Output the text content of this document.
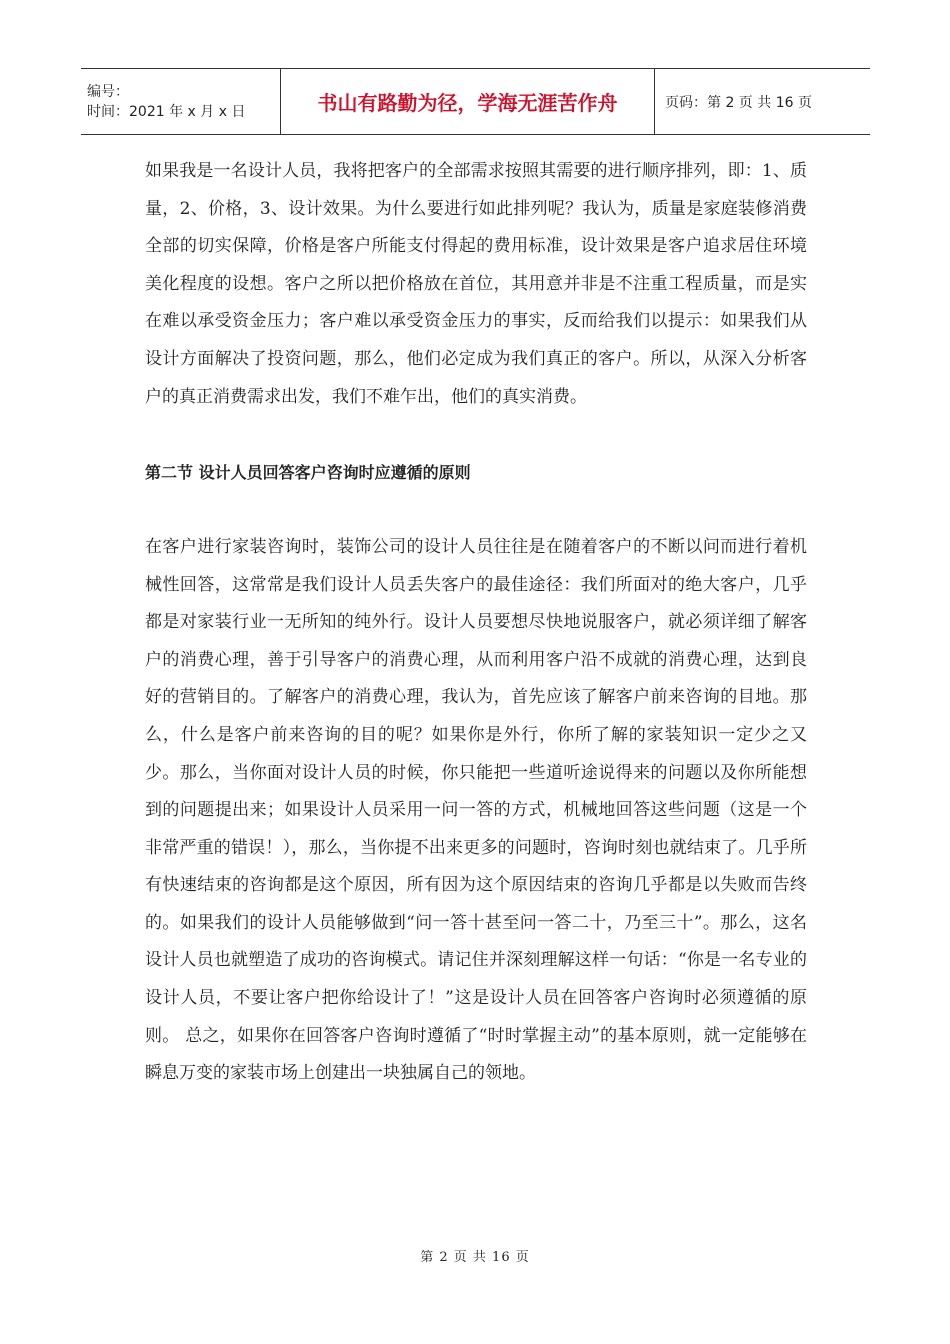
编号：
时间：2021 年 x 月 x 日	书山有路勤为径，学海无涯苦作舟	页码：第 2 页 共 16 页

如果我是一名设计人员，我将把客户的全部需求按照其需要的进行顺序排列，即：1、质量，2、价格，3、设计效果。为什么要进行如此排列呢？我认为，质量是家庭装修消费全部的切实保障，价格是客户所能支付得起的费用标准，设计效果是客户追求居住环境美化程度的设想。客户之所以把价格放在首位，其用意并非是不注重工程质量，而是实在难以承受资金压力；客户难以承受资金压力的事实，反而给我们以提示：如果我们从设计方面解决了投资问题，那么，他们必定成为我们真正的客户。所以，从深入分析客户的真正消费需求出发，我们不难乍出，他们的真实消费。

第二节 设计人员回答客户咨询时应遵循的原则

在客户进行家装咨询时，装饰公司的设计人员往往是在随着客户的不断以问而进行着机械性回答，这常常是我们设计人员丢失客户的最佳途径：我们所面对的绝大客户，几乎都是对家装行业一无所知的纯外行。设计人员要想尽快地说服客户，就必须详细了解客户的消费心理，善于引导客户的消费心理，从而利用客户沿不成就的消费心理，达到良好的营销目的。了解客户的消费心理，我认为，首先应该了解客户前来咨询的目地。那么，什么是客户前来咨询的目的呢？如果你是外行，你所了解的家装知识一定少之又少。那么，当你面对设计人员的时候，你只能把一些道听途说得来的问题以及你所能想到的问题提出来；如果设计人员采用一问一答的方式，机械地回答这些问题（这是一个非常严重的错误！），那么，当你提不出来更多的问题时，咨询时刻也就结束了。几乎所有快速结束的咨询都是这个原因，所有因为这个原因结束的咨询几乎都是以失败而告终的。如果我们的设计人员能够做到“问一答十甚至问一答二十，乃至三十”。那么，这名设计人员也就塑造了成功的咨询模式。请记住并深刻理解这样一句话：“你是一名专业的设计人员，不要让客户把你给设计了！”这是设计人员在回答客户咨询时必须遵循的原则。 总之，如果你在回答客户咨询时遵循了“时时掌握主动”的基本原则，就一定能够在瞬息万变的家装市场上创建出一块独属自己的领地。

第 2 页 共 16 页
